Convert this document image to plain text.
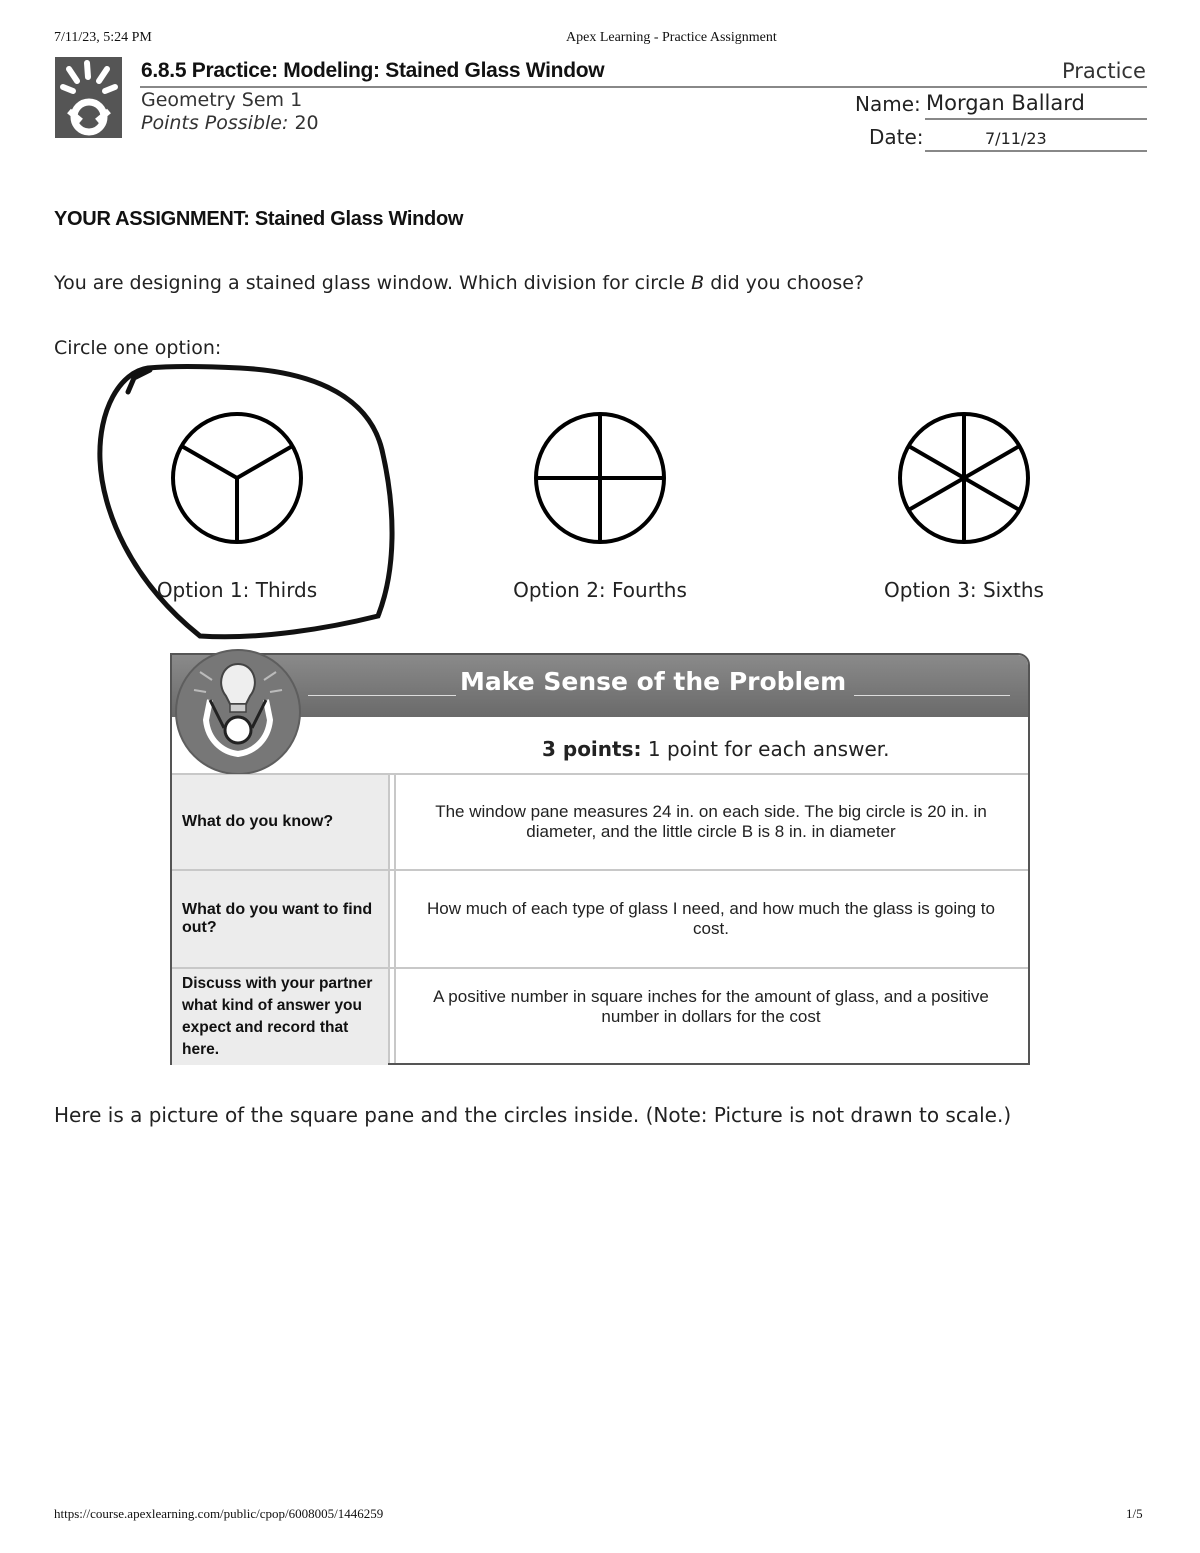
7/11/23, 5:24 PM	Apex Learning - Practice Assignment
6.8.5 Practice: Modeling: Stained Glass Window	Practice
Geometry Sem 1
Points Possible: 20
Name: Morgan Ballard
Date:	7/11/23
YOUR ASSIGNMENT: Stained Glass Window
You are designing a stained glass window. Which division for circle B did you choose?
Circle one option:
Option 1: Thirds	Option 2: Fourths	Option 3: Sixths
Make Sense of the Problem
3 points: 1 point for each answer.
What do you know?
The window pane measures 24 in. on each side. The big circle is 20 in. in diameter, and the little circle B is 8 in. in diameter
What do you want to find out?
How much of each type of glass I need, and how much the glass is going to cost.
Discuss with your partner what kind of answer you expect and record that here.
A positive number in square inches for the amount of glass, and a positive number in dollars for the cost
Here is a picture of the square pane and the circles inside. (Note: Picture is not drawn to scale.)
https://course.apexlearning.com/public/cpop/6008005/1446259	1/5
